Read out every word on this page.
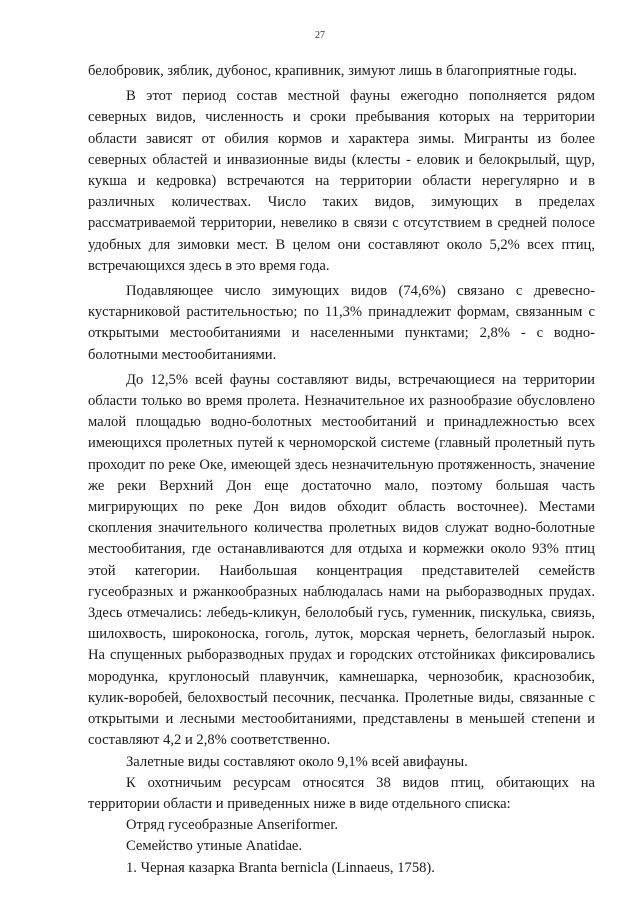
27

белобровик, зяблик, дубонос, крапивник, зимуют лишь в благоприятные годы.

В этот период состав местной фауны ежегодно пополняется рядом северных видов, численность и сроки пребывания которых на территории области зависят от обилия кормов и характера зимы. Мигранты из более северных областей и инвазионные виды (клесты - еловик и белокрылый, щур, кукша и кедровка) встречаются на территории области нерегулярно и в различных количествах. Число таких видов, зимующих в пределах рассматриваемой территории, невелико в связи с отсутствием в средней полосе удобных для зимовки мест. В целом они составляют около 5,2% всех птиц, встречающихся здесь в это время года.

Подавляющее число зимующих видов (74,6%) связано с древесно-кустарниковой растительностью; по 11,3% принадлежит формам, связанным с открытыми местообитаниями и населенными пунктами; 2,8% - с водно-болотными местообитаниями.

До 12,5% всей фауны составляют виды, встречающиеся на территории области только во время пролета. Незначительное их разнообразие обусловлено малой площадью водно-болотных местообитаний и принадлежностью всех имеющихся пролетных путей к черноморской системе (главный пролетный путь проходит по реке Оке, имеющей здесь незначительную протяженность, значение же реки Верхний Дон еще достаточно мало, поэтому большая часть мигрирующих по реке Дон видов обходит область восточнее). Местами скопления значительного количества пролетных видов служат водно-болотные местообитания, где останавливаются для отдыха и кормежки около 93% птиц этой категории. Наибольшая концентрация представителей семейств гусеобразных и ржанкообразных наблюдалась нами на рыборазводных прудах. Здесь отмечались: лебедь-кликун, белолобый гусь, гуменник, пискулька, свиязь, шилохвость, широконоска, гоголь, луток, морская чернеть, белоглазый нырок. На спущенных рыборазводных прудах и городских отстойниках фиксировались мородунка, круглоносый плавунчик, камнешарка, чернозобик, краснозобик, кулик-воробей, белохвостый песочник, песчанка. Пролетные виды, связанные с открытыми и лесными местообитаниями, представлены в меньшей степени и составляют 4,2 и 2,8% соответственно.

Залетные виды составляют около 9,1% всей авифауны.

К охотничьим ресурсам относятся 38 видов птиц, обитающих на территории области и приведенных ниже в виде отдельного списка:

Отряд гусеобразные Anseriformer.

Семейство утиные Anatidae.

1. Черная казарка Branta bernicla (Linnaeus, 1758).
